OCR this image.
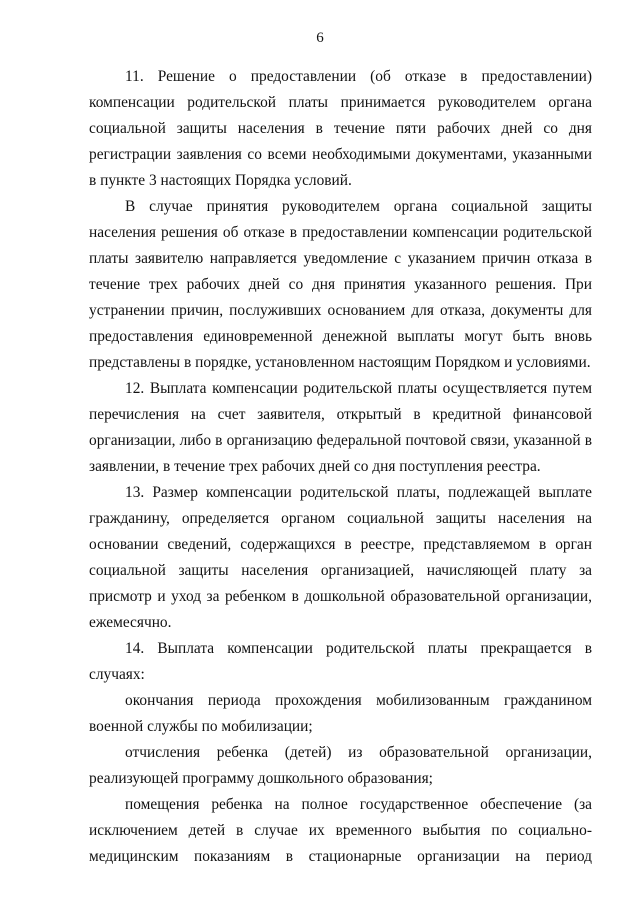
6

11. Решение о предоставлении (об отказе в предоставлении) компенсации родительской платы принимается руководителем органа социальной защиты населения в течение пяти рабочих дней со дня регистрации заявления со всеми необходимыми документами, указанными в пункте 3 настоящих Порядка условий.

В случае принятия руководителем органа социальной защиты населения решения об отказе в предоставлении компенсации родительской платы заявителю направляется уведомление с указанием причин отказа в течение трех рабочих дней со дня принятия указанного решения. При устранении причин, послуживших основанием для отказа, документы для предоставления единовременной денежной выплаты могут быть вновь представлены в порядке, установленном настоящим Порядком и условиями.

12. Выплата компенсации родительской платы осуществляется путем перечисления на счет заявителя, открытый в кредитной финансовой организации, либо в организацию федеральной почтовой связи, указанной в заявлении, в течение трех рабочих дней со дня поступления реестра.

13. Размер компенсации родительской платы, подлежащей выплате гражданину, определяется органом социальной защиты населения на основании сведений, содержащихся в реестре, представляемом в орган социальной защиты населения организацией, начисляющей плату за присмотр и уход за ребенком в дошкольной образовательной организации, ежемесячно.

14. Выплата компенсации родительской платы прекращается в случаях:

окончания периода прохождения мобилизованным гражданином военной службы по мобилизации;

отчисления ребенка (детей) из образовательной организации, реализующей программу дошкольного образования;

помещения ребенка на полное государственное обеспечение (за исключением детей в случае их временного выбытия по социально-медицинским показаниям в стационарные организации на период
